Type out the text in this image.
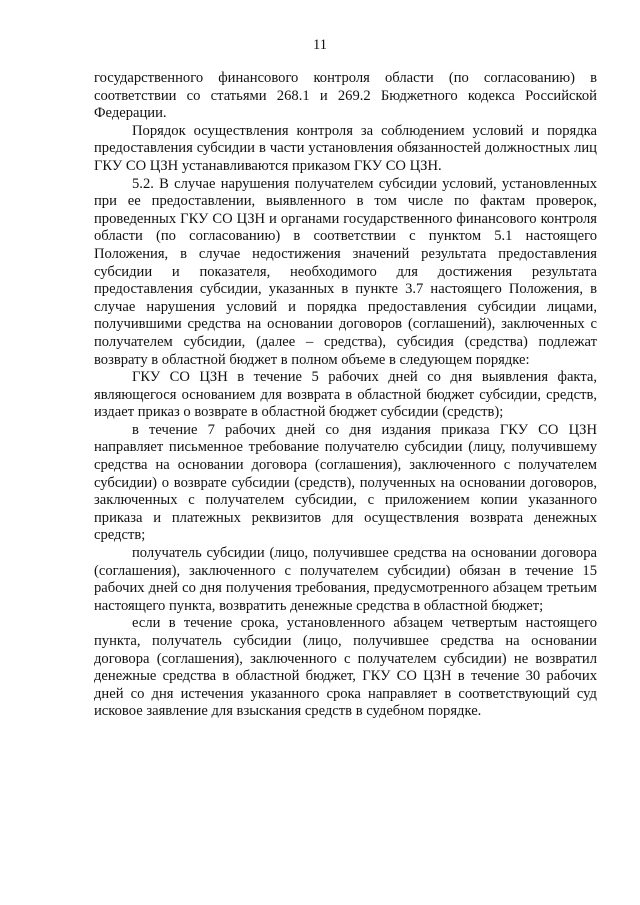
11

государственного финансового контроля области (по согласованию) в соответствии со статьями 268.1 и 269.2 Бюджетного кодекса Российской Федерации.

Порядок осуществления контроля за соблюдением условий и порядка предоставления субсидии в части установления обязанностей должностных лиц ГКУ СО ЦЗН устанавливаются приказом ГКУ СО ЦЗН.

5.2. В случае нарушения получателем субсидии условий, установленных при ее предоставлении, выявленного в том числе по фактам проверок, проведенных ГКУ СО ЦЗН и органами государственного финансового контроля области (по согласованию) в соответствии с пунктом 5.1 настоящего Положения, в случае недостижения значений результата предоставления субсидии и показателя, необходимого для достижения результата предоставления субсидии, указанных в пункте 3.7 настоящего Положения, в случае нарушения условий и порядка предоставления субсидии лицами, получившими средства на основании договоров (соглашений), заключенных с получателем субсидии, (далее – средства), субсидия (средства) подлежат возврату в областной бюджет в полном объеме в следующем порядке:

ГКУ СО ЦЗН в течение 5 рабочих дней со дня выявления факта, являющегося основанием для возврата в областной бюджет субсидии, средств, издает приказ о возврате в областной бюджет субсидии (средств);

в течение 7 рабочих дней со дня издания приказа ГКУ СО ЦЗН направляет письменное требование получателю субсидии (лицу, получившему средства на основании договора (соглашения), заключенного с получателем субсидии) о возврате субсидии (средств), полученных на основании договоров, заключенных с получателем субсидии, с приложением копии указанного приказа и платежных реквизитов для осуществления возврата денежных средств;

получатель субсидии (лицо, получившее средства на основании договора (соглашения), заключенного с получателем субсидии) обязан в течение 15 рабочих дней со дня получения требования, предусмотренного абзацем третьим настоящего пункта, возвратить денежные средства в областной бюджет;

если в течение срока, установленного абзацем четвертым настоящего пункта, получатель субсидии (лицо, получившее средства на основании договора (соглашения), заключенного с получателем субсидии) не возвратил денежные средства в областной бюджет, ГКУ СО ЦЗН в течение 30 рабочих дней со дня истечения указанного срока направляет в соответствующий суд исковое заявление для взыскания средств в судебном порядке.
